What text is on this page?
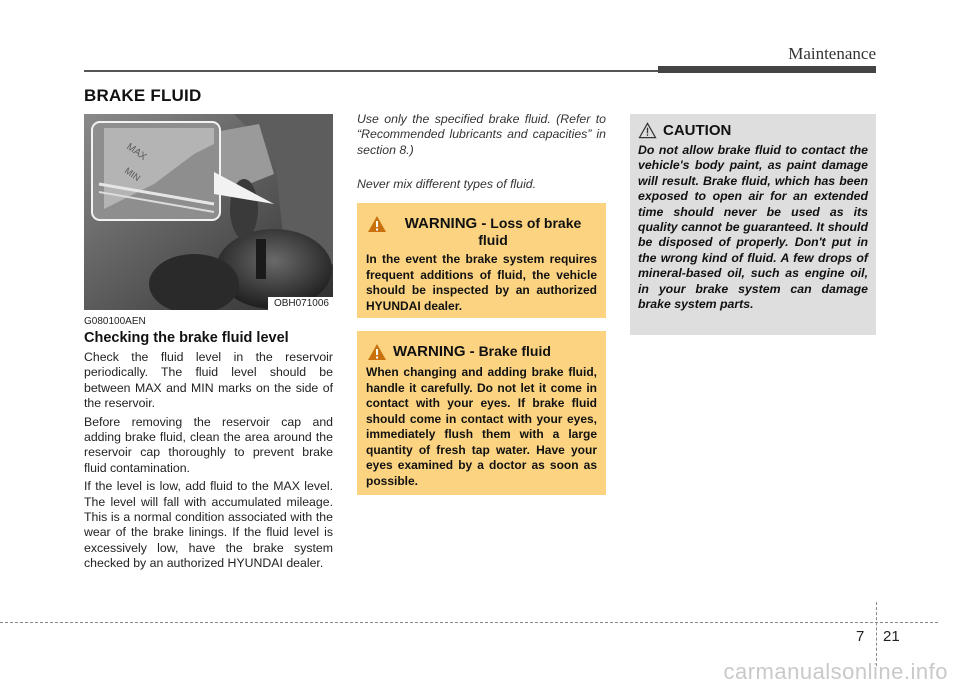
Maintenance
BRAKE FLUID
MAX
MIN
OBH071006
G080100AEN
Checking the brake fluid level

Check the fluid level in the reservoir periodically. The fluid level should be between MAX and MIN marks on the side of the reservoir.

Before removing the reservoir cap and adding brake fluid, clean the area around the reservoir cap thoroughly to prevent brake fluid contamination.

If the level is low, add fluid to the MAX level. The level will fall with accumulated mileage. This is a normal condition associated with the wear of the brake linings. If the fluid level is excessively low, have the brake system checked by an authorized HYUNDAI dealer.

Use only the specified brake fluid. (Refer to “Recommended lubricants and capacities” in section 8.)
Never mix different types of fluid.
WARNING - Loss of brake fluid
In the event the brake system requires frequent additions of fluid, the vehicle should be inspected by an authorized HYUNDAI dealer.
WARNING - Brake fluid
When changing and adding brake fluid, handle it carefully. Do not let it come in contact with your eyes. If brake fluid should come in contact with your eyes, immediately flush them with a large quantity of fresh tap water. Have your eyes examined by a doctor as soon as possible.
CAUTION
Do not allow brake fluid to contact the vehicle's body paint, as paint damage will result. Brake fluid, which has been exposed to open air for an extended time should never be used as its quality cannot be guaranteed. It should be disposed of properly. Don't put in the wrong kind of fluid. A few drops of mineral-based oil, such as engine oil, in your brake system can damage brake system parts.
7 21
carmanualsonline.info
